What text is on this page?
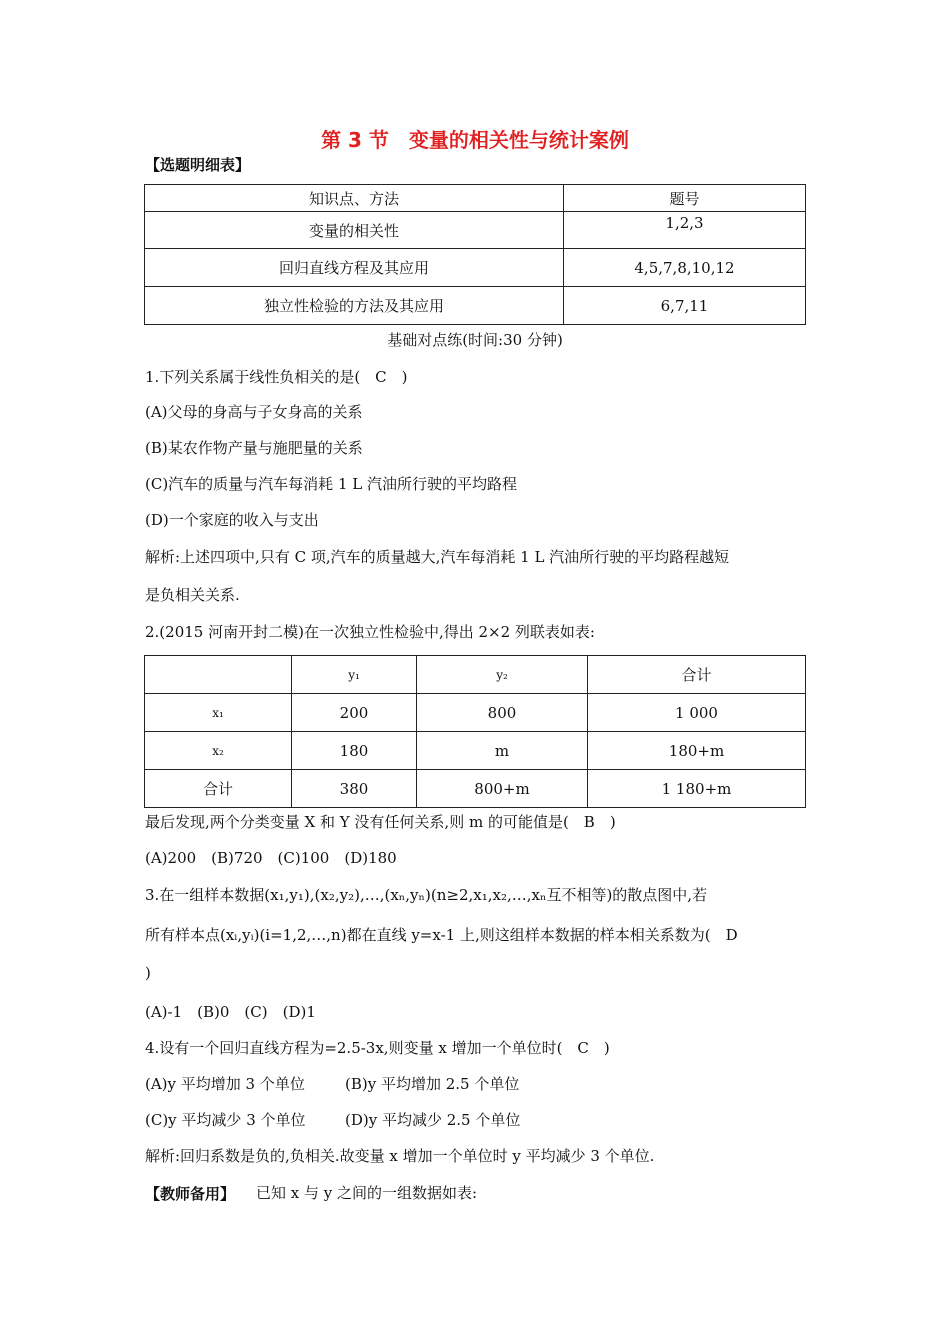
第 3 节　变量的相关性与统计案例
【选题明细表】
知识点、方法	题号
变量的相关性	1,2,3
回归直线方程及其应用	4,5,7,8,10,12
独立性检验的方法及其应用	6,7,11
基础对点练(时间:30 分钟)
1.下列关系属于线性负相关的是(　C　)
(A)父母的身高与子女身高的关系
(B)某农作物产量与施肥量的关系
(C)汽车的质量与汽车每消耗 1 L 汽油所行驶的平均路程
(D)一个家庭的收入与支出
解析:上述四项中,只有 C 项,汽车的质量越大,汽车每消耗 1 L 汽油所行驶的平均路程越短
是负相关关系.
2.(2015 河南开封二模)在一次独立性检验中,得出 2×2 列联表如表:
	y₁	y₂	合计
x₁	200	800	1 000
x₂	180	m	180+m
合计	380	800+m	1 180+m
最后发现,两个分类变量 X 和 Y 没有任何关系,则 m 的可能值是(　B　)
(A)200　(B)720　(C)100　(D)180
3.在一组样本数据(x₁,y₁),(x₂,y₂),…,(xₙ,yₙ)(n≥2,x₁,x₂,…,xₙ互不相等)的散点图中,若
所有样本点(xᵢ,yᵢ)(i=1,2,…,n)都在直线 y=x-1 上,则这组样本数据的样本相关系数为(　D
)
(A)-1　(B)0　(C)　(D)1
4.设有一个回归直线方程为=2.5-3x,则变量 x 增加一个单位时(　C　)
(A)y 平均增加 3 个单位	(B)y 平均增加 2.5 个单位
(C)y 平均减少 3 个单位	(D)y 平均减少 2.5 个单位
解析:回归系数是负的,负相关.故变量 x 增加一个单位时 y 平均减少 3 个单位.
【教师备用】 已知 x 与 y 之间的一组数据如表:
